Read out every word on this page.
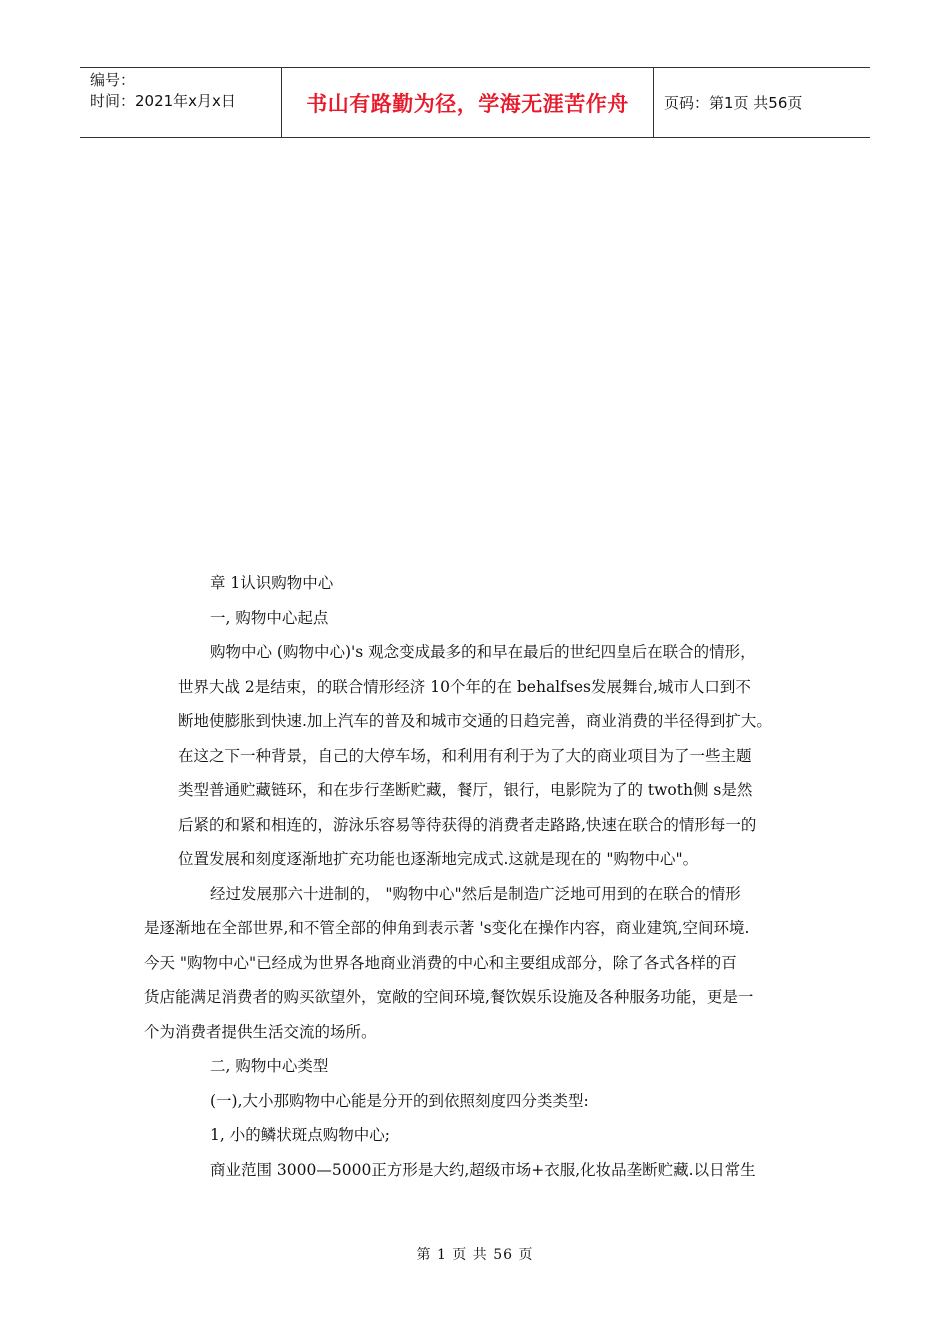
编号：
时间：2021年x月x日	书山有路勤为径，学海无涯苦作舟 页码：第1页 共56页
章 1认识购物中心
一, 购物中心起点
购物中心 (购物中心)'s 观念变成最多的和早在最后的世纪四皇后在联合的情形，
世界大战 2是结束，的联合情形经济 10个年的在 behalfses发展舞台,城市人口到不
断地使膨胀到快速.加上汽车的普及和城市交通的日趋完善，商业消费的半径得到扩大。
在这之下一种背景，自己的大停车场，和利用有利于为了大的商业项目为了一些主题
类型普通贮藏链环，和在步行垄断贮藏，餐厅，银行，电影院为了的 twoth侧 s是然
后紧的和紧和相连的，游泳乐容易等待获得的消费者走路路,快速在联合的情形每一的
位置发展和刻度逐渐地扩充功能也逐渐地完成式.这就是现在的 "购物中心"。
经过发展那六十进制的， "购物中心"然后是制造广泛地可用到的在联合的情形
是逐渐地在全部世界,和不管全部的伸角到表示著 's变化在操作内容，商业建筑,空间环境.
今天 "购物中心"已经成为世界各地商业消费的中心和主要组成部分，除了各式各样的百
货店能满足消费者的购买欲望外，宽敞的空间环境,餐饮娱乐设施及各种服务功能，更是一
个为消费者提供生活交流的场所。
二, 购物中心类型
(一),大小那购物中心能是分开的到依照刻度四分类类型:
1, 小的鳞状斑点购物中心;
商业范围 3000—5000正方形是大约,超级市场+衣服,化妆品垄断贮藏.以日常生
第 1 页 共 56 页
